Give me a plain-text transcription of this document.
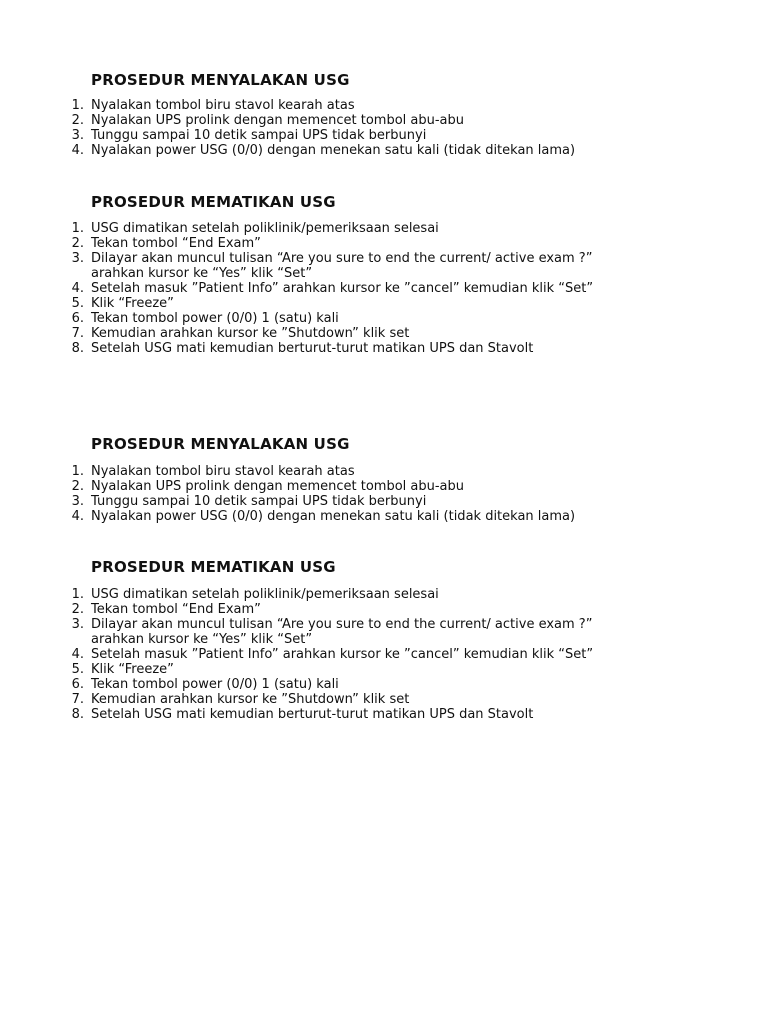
PROSEDUR MENYALAKAN USG
1. Nyalakan tombol biru stavol kearah atas
2. Nyalakan UPS prolink dengan memencet tombol abu-abu
3. Tunggu sampai 10 detik sampai UPS tidak berbunyi
4. Nyalakan power USG (0/0) dengan menekan satu kali (tidak ditekan lama)
PROSEDUR MEMATIKAN USG
1. USG dimatikan setelah poliklinik/pemeriksaan selesai
2. Tekan tombol “End Exam”
3. Dilayar akan muncul tulisan “Are you sure to end the current/ active exam ?”
arahkan kursor ke “Yes” klik “Set”
4. Setelah masuk ”Patient Info” arahkan kursor ke ”cancel” kemudian klik “Set”
5. Klik “Freeze”
6. Tekan tombol power (0/0) 1 (satu) kali
7. Kemudian arahkan kursor ke ”Shutdown” klik set
8. Setelah USG mati kemudian berturut-turut matikan UPS dan Stavolt
PROSEDUR MENYALAKAN USG
1. Nyalakan tombol biru stavol kearah atas
2. Nyalakan UPS prolink dengan memencet tombol abu-abu
3. Tunggu sampai 10 detik sampai UPS tidak berbunyi
4. Nyalakan power USG (0/0) dengan menekan satu kali (tidak ditekan lama)
PROSEDUR MEMATIKAN USG
1. USG dimatikan setelah poliklinik/pemeriksaan selesai
2. Tekan tombol “End Exam”
3. Dilayar akan muncul tulisan “Are you sure to end the current/ active exam ?”
arahkan kursor ke “Yes” klik “Set”
4. Setelah masuk ”Patient Info” arahkan kursor ke ”cancel” kemudian klik “Set”
5. Klik “Freeze”
6. Tekan tombol power (0/0) 1 (satu) kali
7. Kemudian arahkan kursor ke ”Shutdown” klik set
8. Setelah USG mati kemudian berturut-turut matikan UPS dan Stavolt
